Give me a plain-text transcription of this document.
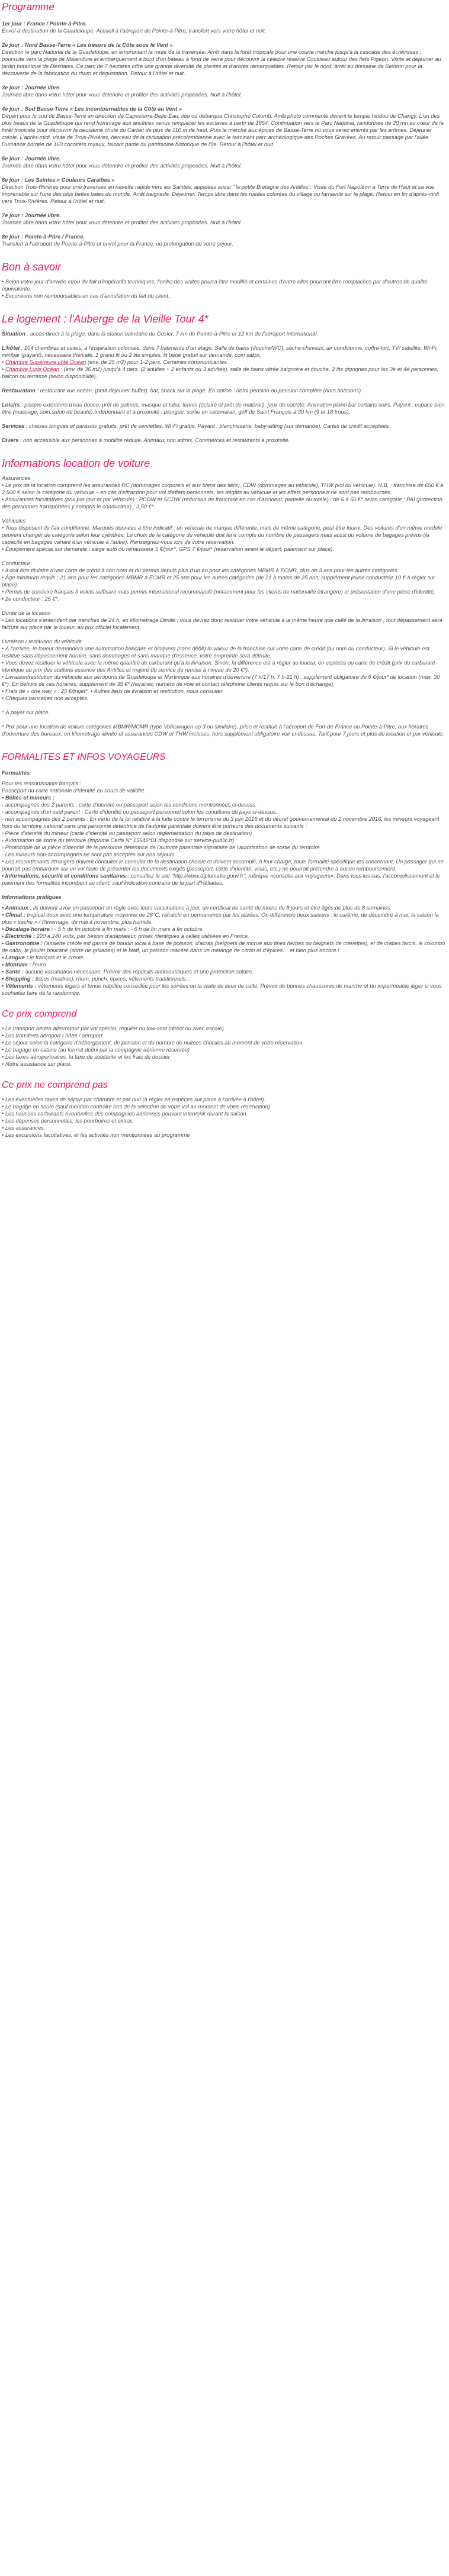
Programme

1er jour : France / Pointe-à-Pitre.
Envol à destination de la Guadeloupe. Accueil à l'aéroport de Pointe-à-Pitre, transfert vers votre hôtel et nuit.

2e jour : Nord Basse-Terre « Les trésors de la Côte sous le Vent »
Direction le parc National de la Guadeloupe, en empruntant la route de la traversée. Arrêt dans la forêt tropicale pour une courte marche jusqu'à la cascade des écrevisses ; poursuite vers la plage de Malendure et embarquement à bord d'un bateau à fond de verre pour découvrir la célèbre réserve Cousteau autour des îlets Pigeon. Visite et déjeuner au jardin botanique de Deshaies. Ce parc de 7 hectares offre une grande diversité de plantes et d'arbres remarquables. Retour par le nord, arrêt au domaine de Severin pour la découverte de la fabrication du rhum et dégustation. Retour à l'hôtel et nuit.

3e jour : Journée libre.
Journée libre dans votre hôtel pour vous détendre et profiter des activités proposées. Nuit à l'hôtel.

4e jour : Sud Basse-Terre « Les incontournables de la Côte au Vent »
Départ pour le sud de Basse-Terre en direction de Capesterre-Belle-Eau, lieu où débarqua Christophe Colomb. Arrêt photo commenté devant le temple hindou de Changy. L'un des plus beaux de la Guadeloupe qui rend hommage aux ancêtres venus remplacer les esclaves à partir de 1854. Continuation vers le Parc National, randonnée de 20 mn au cœur de la forêt tropicale pour découvrir la deuxième chute du Carbet de plus de 110 m de haut. Puis le marché aux épices de Basse-Terre où vous serez enivrés par les arômes. Déjeuner créole. L'après-midi, visite de Trois-Rivières, berceau de la civilisation précolombienne avec le fascinant parc archéologique des Roches Gravées. Au retour passage par l'allée Dumanoir bordée de 160 cocotiers royaux, faisant partie du patrimoine historique de l'île. Retour à l'hôtel et nuit.

5e jour : Journée libre.
Journée libre dans votre hôtel pour vous détendre et profiter des activités proposées. Nuit à l'hôtel.

6e jour : Les Saintes « Couleurs Caraïbes »
Direction Trois-Rivières pour une traversée en navette rapide vers les Saintes, appelées aussi " la petite Bretagne des Antilles". Visite du Fort Napoléon à Terre de Haut et sa vue imprenable sur l'une des plus belles baies du monde. Arrêt baignade. Déjeuner. Temps libre dans les ruelles colorées du village ou farniente sur la plage. Retour en fin d'après-midi vers Trois-Rivières. Retour à l'hôtel et nuit.

7e jour : Journée libre.
Journée libre dans votre hôtel pour vous détendre et profiter des activités proposées. Nuit à l'hôtel.

8e jour : Pointe-à-Pitre / France.
Transfert à l'aéroport de Pointe-à-Pitre et envol pour la France, ou prolongation de votre séjour.

Bon à savoir
• Selon votre jour d'arrivée et/ou du fait d'impératifs techniques, l'ordre des visites pourra être modifié et certaines d'entre elles pourront être remplacées par d'autres de qualité équivalente.
• Excursions non remboursables en cas d'annulation du fait du client.
Le logement : l'Auberge de la Vieille Tour 4*

Situation : accès direct à la plage, dans la station balnéaire du Gosier, 7 km de Pointe-à-Pitre et 12 km de l'aéroport international.

L'hôtel : 104 chambres et suites, à l'inspiration coloniale, dans 7 bâtiments d'un étage. Salle de bains (douche/WC), sèche-cheveux, air conditionné, coffre-fort, TV/ satellite, Wi-Fi, minibar (payant), nécessaire thé/café, 1 grand lit ou 2 lits simples, lit bébé gratuit sur demande, coin salon.
• Chambre Supérieure côté Océan (env. de 25 m2) pour 1-2 pers. Certaines communicantes.
• Chambre Luxe Océan : (env. de 36 m2) jusqu'à 4 pers. (2 adultes + 2 enfants ou 3 adultes), salle de bains vitrée baignoire et douche, 2 lits gigognes pour les 3è et 4è personnes, balcon ou terrasse (selon disponibilité).

Restauration : restaurant vue océan, (petit déjeuner buffet), bar, snack sur la plage. En option : demi-pension ou pension complète (hors boissons).

Loisirs : piscine extérieure d'eau douce, prêt de palmes, masque et tuba, tennis (éclairé et prêt de matériel), jeux de société. Animation piano bar certains soirs. Payant : espace bien être (massage, soin,salon de beauté).Indépendant et à proximité : plongée, sortie en catamaran, golf de Saint François à 30 km (9 et 18 trous).

Services : chaises longues et parasols gratuits, prêt de serviettes, Wi-Fi gratuit. Payant : blanchisserie, baby-sitting (sur demande). Cartes de crédit acceptées.

Divers : non accessible aux personnes à mobilité réduite. Animaux non admis. Commerces et restaurants à proximité.

Informations location de voiture
Assurances
• Le prix de la location comprend les assurances RC (dommages corporels et aux biens des tiers), CDW (dommages au véhicule), THW (vol du véhicule). N.B. : franchise de 650 € à 2 500 € selon la catégorie du véhicule – en cas d'effraction pour vol d'effets personnels, les dégâts au véhicule et les effets personnels ne sont pas remboursés.
• Assurances facultatives (prix par jour et par véhicule) : PCDW et SCDW (réduction de franchise en cas d'accident, partielle ou totale) : de 6 à 50 €* selon catégorie ; PAI (protection des personnes transportées y compris le conducteur) : 3,50 €*.
Véhicules
• Tous disposent de l'air conditionné. Marques données à titre indicatif : un véhicule de marque différente, mais de même catégorie, peut être fourni. Des voitures d'un même modèle peuvent changer de catégorie selon leur cylindrée. Le choix de la catégorie du véhicule doit tenir compte du nombre de passagers mais aussi du volume de bagages prévus (la capacité en bagages variant d'un véhicule à l'autre). Renseignez-vous lors de votre réservation.
• Équipement spécial sur demande : siège auto ou rehausseur 5 €/jour*, GPS 7 €/jour* (réservation avant le départ, paiement sur place).
Conducteur
• Il doit être titulaire d'une carte de crédit à son nom et du permis depuis plus d'un an pour les catégories MBMR à ECMR, plus de 3 ans pour les autres catégories.
• Âge minimum requis : 21 ans pour les catégories MBMR à ECMR et 25 ans pour les autres catégories (de 21 à moins de 25 ans, supplément jeune conducteur 10 € à régler sur place).
• Permis de conduire français 3 volets suffisant mais permis international recommandé (notamment pour les clients de nationalité étrangère) et présentation d'une pièce d'identité.
• 2e conducteur : 25 €*.
Durée de la location
• Les locations s'entendent par tranches de 24 h, en kilométrage illimité ; vous devrez donc restituer votre véhicule à la même heure que celle de la livraison ; tout dépassement sera facturé sur place par le loueur, au prix officiel localement.
Livraison / restitution du véhicule
• À l'arrivée, le loueur demandera une autorisation bancaire et bloquera (sans débit) la valeur de la franchise sur votre carte de crédit (au nom du conducteur). Si le véhicule est restitué sans dépassement horaire, sans dommages et sans manque d'essence, votre empreinte sera détruite.
• Vous devez restituer le véhicule avec la même quantité de carburant qu'à la livraison. Sinon, la différence est à régler au loueur, en espèces ou carte de crédit (prix du carburant identique au prix des stations essence des Antilles et majoré du service de remise à niveau de 20 €*).
• Livraison/restitution du véhicule aux aéroports de Guadeloupe et Martinique aux horaires d'ouverture (7 h/17 h, 7 h-21 h) : supplément obligatoire de 6 €/jour* de location (max. 30 €*). En dehors de ces horaires, supplément de 35 €* (horaires, numéro de voie et contact téléphone clients requis sur le bon d'échange).
• Frais de « one way » : 25 €/trajet*. • Autres lieux de livraison et restitution, nous consulter.
• Chèques bancaires non acceptés.
* À payer sur place.
* Prix pour une location de voiture catégories MBMR/MCMR (type Volkswagen up 3 ou similaire), prise et restitué à l'aéroport de Fort-de-France ou Pointe-à-Pitre, aux horaires d'ouverture des bureaux, en kilométrage illimité et assurances CDW et THW incluses, hors supplément obligatoire voir ci-dessus. Tarif pour 7 jours et plus de location et par véhicule.
FORMALITES ET INFOS VOYAGEURS
Formalités
Pour les ressortissants français :
Passeport ou carte nationale d'identité en cours de validité.
• Bébés et mineurs :
- accompagnés des 2 parents : carte d'identité ou passeport selon les conditions mentionnées ci-dessus.
- accompagnés d'un seul parent : Carte d'identité ou passeport personnel selon les conditions du pays ci-dessus.
- non accompagnés des 2 parents : En vertu de la loi relative à la lutte contre le terrorisme du 3 juin 2016 et du décret gouvernemental du 2 novembre 2016, les mineurs voyageant hors du territoire national sans une personne détentrice de l'autorité parentale doivent être porteurs des documents suivants :
› Pièce d'identité du mineur (carte d'identité ou passeport selon réglementation du pays de destination)
› Autorisation de sortie du territoire (imprimé Cerfa N° 15646*01 disponible sur service-public.fr)
› Photocopie de la pièce d'identité de la personne détentrice de l'autorité parentale signataire de l'autorisation de sortie du territoire
- Les mineurs non-accompagnés ne sont pas acceptés sur nos séjours.
• Les ressortissants étrangers doivent consulter le consulat de la destination choisie et doivent accomplir, à leur charge, toute formalité spécifique les concernant. Un passager qui ne pourrait pas embarquer sur un vol faute de présenter les documents exigés (passeport, carte d'identité, visas, etc.) ne pourrait prétendre à aucun remboursement.
• Informations, sécurité et conditions sanitaires : consultez le site "http://www.diplomatie.gouv.fr", rubrique «conseils aux voyageurs». Dans tous les cas, l'accomplissement et le paiement des formalités incombent au client, sauf indication contraire de la part d'Héliades.
Informations pratiques
• Animaux : ils doivent avoir un passeport en règle avec leurs vaccinations à jour, un certificat de santé de moins de 8 jours et être âgés de plus de 8 semaines.
• Climat : tropical doux avec une température moyenne de 26°C, rafraichi en permanence par les alizées. On différencie deux saisons : le carême, de décembre à mai, la saison la plus « sèche » / l'hivernage, de mai à novembre, plus humide.
• Décalage horaire : - 5 h de fin octobre à fin mars ; - 6 h de fin mars à fin octobre.
• Électricité : 220 à 240 volts, pas besoin d'adaptateur, prises identiques à celles utilisées en France.
• Gastronomie : l'assiette créole est garnie de boudin local à base de poisson, d'acras (beignets de morue aux fines herbes ou beignets de crevettes), et de crabes farcis, le colombo de cabri, le poulet boucané (sorte de grillades) et le blaff, un poisson macéré dans un mélange de citron et d'épices… et bien plus encore !
• Langue : le français et le créole.
• Monnaie : l'euro.
• Santé : aucune vaccination nécessaire. Prévoir des répulsifs antimoustiques et une protection solaire.
• Shopping : tissus (madras), rhum, punch, épices, vêtements traditionnels…
• Vêtements : vêtements légers et tenue habillée conseillée pour les soirées ou la visite de lieux de culte. Prévoir de bonnes chaussures de marche et un imperméable léger si vous souhaitez faire de la randonnée.
Ce prix comprend
• Le transport aérien aller/retour par vol spécial, régulier ou low-cost (direct ou avec escale)
• Les transferts aéroport / hôtel / aéroport
• Le séjour selon la catégorie d'hébergement, de pension et du nombre de nuitées choisies au moment de votre réservation.
• Le bagage en cabine (au format défini par la compagnie aérienne réservée)
• Les taxes aéroportuaires, la taxe de solidarité et les frais de dossier
• Notre assistance sur place.
Ce prix ne comprend pas
• Les éventuelles taxes de séjour par chambre et par nuit (à régler en espèces sur place à l'arrivée à l'hôtel).
• Le bagage en soute (sauf mention contraire lors de la sélection de votre vol au moment de votre réservation)
• Les hausses carburants éventuelles des compagnies aériennes pouvant intervenir durant la saison.
• Les dépenses personnelles, les pourboires et extras.
• Les assurances.
• Les excursions facultatives, et les activités non mentionnées au programme
